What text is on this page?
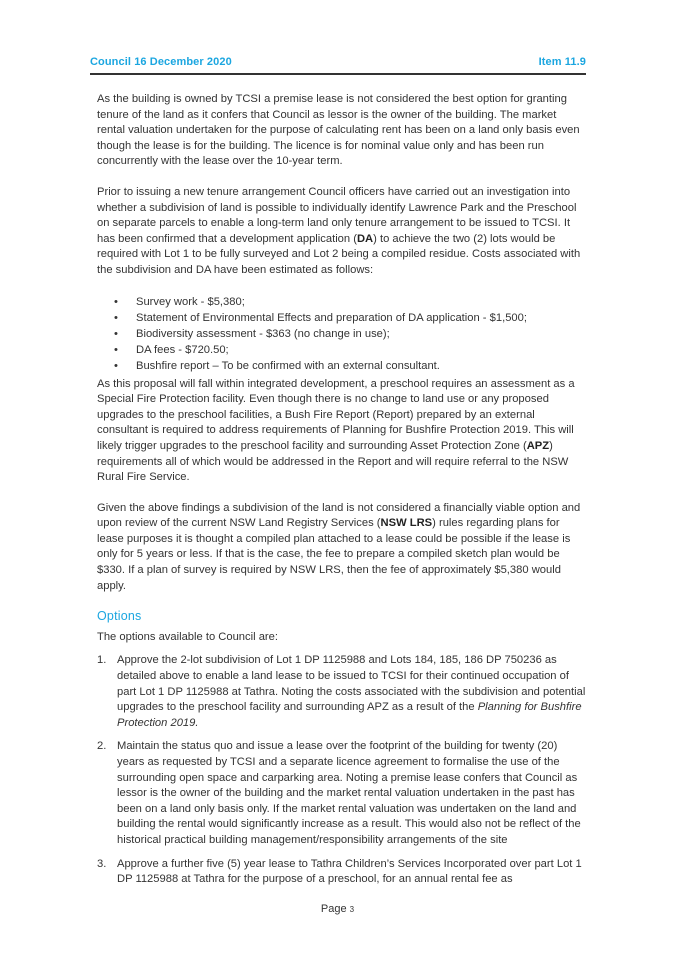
Council 16 December 2020	Item 11.9

As the building is owned by TCSI a premise lease is not considered the best option for granting tenure of the land as it confers that Council as lessor is the owner of the building. The market rental valuation undertaken for the purpose of calculating rent has been on a land only basis even though the lease is for the building. The licence is for nominal value only and has been run concurrently with the lease over the 10-year term.

Prior to issuing a new tenure arrangement Council officers have carried out an investigation into whether a subdivision of land is possible to individually identify Lawrence Park and the Preschool on separate parcels to enable a long-term land only tenure arrangement to be issued to TCSI. It has been confirmed that a development application (DA) to achieve the two (2) lots would be required with Lot 1 to be fully surveyed and Lot 2 being a compiled residue. Costs associated with the subdivision and DA have been estimated as follows:

• Survey work - $5,380;
• Statement of Environmental Effects and preparation of DA application - $1,500;
• Biodiversity assessment - $363 (no change in use);
• DA fees - $720.50;
• Bushfire report – To be confirmed with an external consultant.

As this proposal will fall within integrated development, a preschool requires an assessment as a Special Fire Protection facility. Even though there is no change to land use or any proposed upgrades to the preschool facilities, a Bush Fire Report (Report) prepared by an external consultant is required to address requirements of Planning for Bushfire Protection 2019. This will likely trigger upgrades to the preschool facility and surrounding Asset Protection Zone (APZ) requirements all of which would be addressed in the Report and will require referral to the NSW Rural Fire Service.

Given the above findings a subdivision of the land is not considered a financially viable option and upon review of the current NSW Land Registry Services (NSW LRS) rules regarding plans for lease purposes it is thought a compiled plan attached to a lease could be possible if the lease is only for 5 years or less. If that is the case, the fee to prepare a compiled sketch plan would be $330. If a plan of survey is required by NSW LRS, then the fee of approximately $5,380 would apply.

Options

The options available to Council are:

1. Approve the 2-lot subdivision of Lot 1 DP 1125988 and Lots 184, 185, 186 DP 750236 as detailed above to enable a land lease to be issued to TCSI for their continued occupation of part Lot 1 DP 1125988 at Tathra. Noting the costs associated with the subdivision and potential upgrades to the preschool facility and surrounding APZ as a result of the Planning for Bushfire Protection 2019.
2. Maintain the status quo and issue a lease over the footprint of the building for twenty (20) years as requested by TCSI and a separate licence agreement to formalise the use of the surrounding open space and carparking area. Noting a premise lease confers that Council as lessor is the owner of the building and the market rental valuation undertaken in the past has been on a land only basis only. If the market rental valuation was undertaken on the land and building the rental would significantly increase as a result. This would also not be reflect of the historical practical building management/responsibility arrangements of the site
3. Approve a further five (5) year lease to Tathra Children’s Services Incorporated over part Lot 1 DP 1125988 at Tathra for the purpose of a preschool, for an annual rental fee as
Page 3
